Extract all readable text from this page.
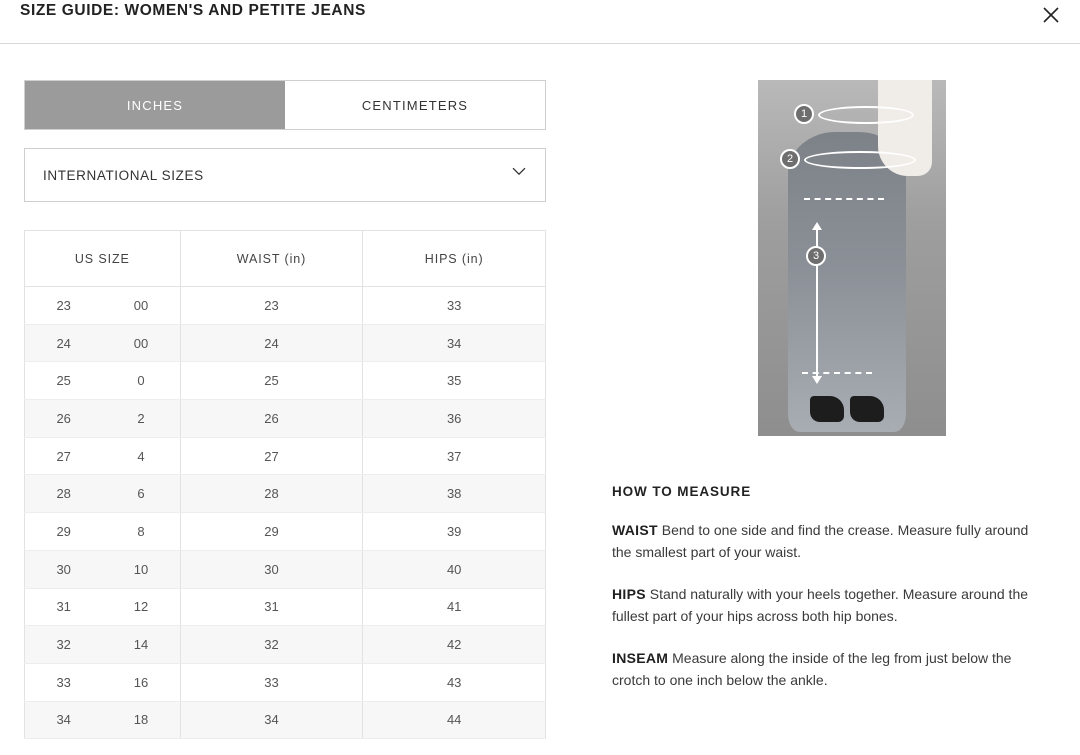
SIZE GUIDE: WOMEN'S AND PETITE JEANS
INCHES	CENTIMETERS
INTERNATIONAL SIZES
US SIZE		WAIST (in)	HIPS (in)
23	00	23	33
24	00	24	34
25	0	25	35
26	2	26	36
27	4	27	37
28	6	28	38
29	8	29	39
30	10	30	40
31	12	31	41
32	14	32	42
33	16	33	43
34	18	34	44
1
2
3
HOW TO MEASURE

WAIST Bend to one side and find the crease. Measure fully around the smallest part of your waist.

HIPS Stand naturally with your heels together. Measure around the fullest part of your hips across both hip bones.

INSEAM Measure along the inside of the leg from just below the crotch to one inch below the ankle.
